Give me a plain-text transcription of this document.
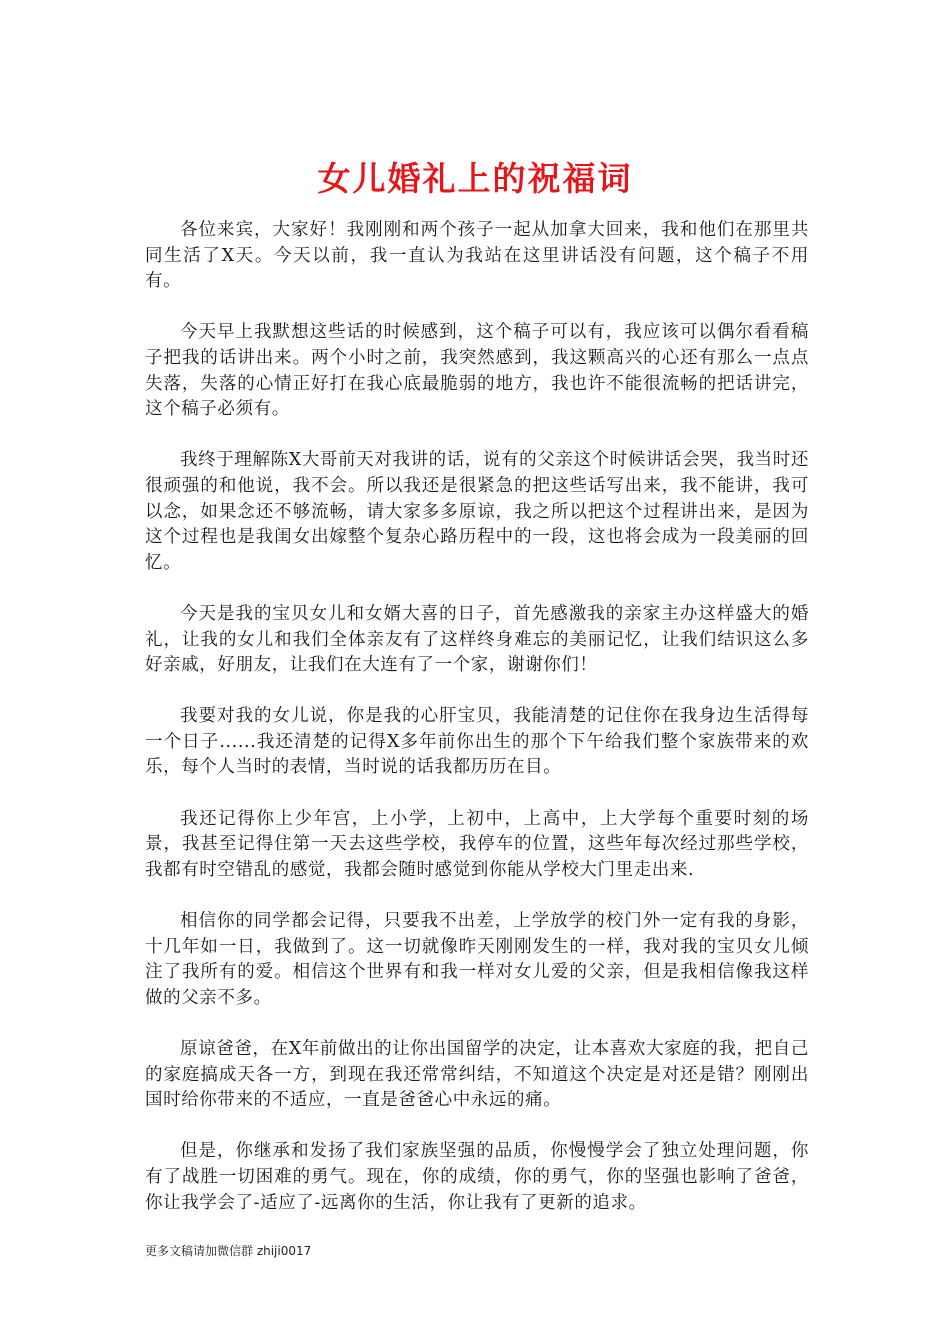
女儿婚礼上的祝福词

各位来宾，大家好！我刚刚和两个孩子一起从加拿大回来，我和他们在那里共同生活了X天。今天以前，我一直认为我站在这里讲话没有问题，这个稿子不用有。

今天早上我默想这些话的时候感到，这个稿子可以有，我应该可以偶尔看看稿子把我的话讲出来。两个小时之前，我突然感到，我这颗高兴的心还有那么一点点失落，失落的心情正好打在我心底最脆弱的地方，我也许不能很流畅的把话讲完，这个稿子必须有。

我终于理解陈X大哥前天对我讲的话，说有的父亲这个时候讲话会哭，我当时还很顽强的和他说，我不会。所以我还是很紧急的把这些话写出来，我不能讲，我可以念，如果念还不够流畅，请大家多多原谅，我之所以把这个过程讲出来，是因为这个过程也是我闺女出嫁整个复杂心路历程中的一段，这也将会成为一段美丽的回忆。

今天是我的宝贝女儿和女婿大喜的日子，首先感激我的亲家主办这样盛大的婚礼，让我的女儿和我们全体亲友有了这样终身难忘的美丽记忆，让我们结识这么多好亲戚，好朋友，让我们在大连有了一个家，谢谢你们！

我要对我的女儿说，你是我的心肝宝贝，我能清楚的记住你在我身边生活得每一个日子......我还清楚的记得X多年前你出生的那个下午给我们整个家族带来的欢乐，每个人当时的表情，当时说的话我都历历在目。

我还记得你上少年宫，上小学，上初中，上高中，上大学每个重要时刻的场景，我甚至记得住第一天去这些学校，我停车的位置，这些年每次经过那些学校，我都有时空错乱的感觉，我都会随时感觉到你能从学校大门里走出来.

相信你的同学都会记得，只要我不出差，上学放学的校门外一定有我的身影，十几年如一日，我做到了。这一切就像昨天刚刚发生的一样，我对我的宝贝女儿倾注了我所有的爱。相信这个世界有和我一样对女儿爱的父亲，但是我相信像我这样做的父亲不多。

原谅爸爸，在X年前做出的让你出国留学的决定，让本喜欢大家庭的我，把自己的家庭搞成天各一方，到现在我还常常纠结，不知道这个决定是对还是错？刚刚出国时给你带来的不适应，一直是爸爸心中永远的痛。

但是，你继承和发扬了我们家族坚强的品质，你慢慢学会了独立处理问题，你有了战胜一切困难的勇气。现在，你的成绩，你的勇气，你的坚强也影响了爸爸，你让我学会了-适应了-远离你的生活，你让我有了更新的追求。

更多文稿请加微信群 zhiji0017
